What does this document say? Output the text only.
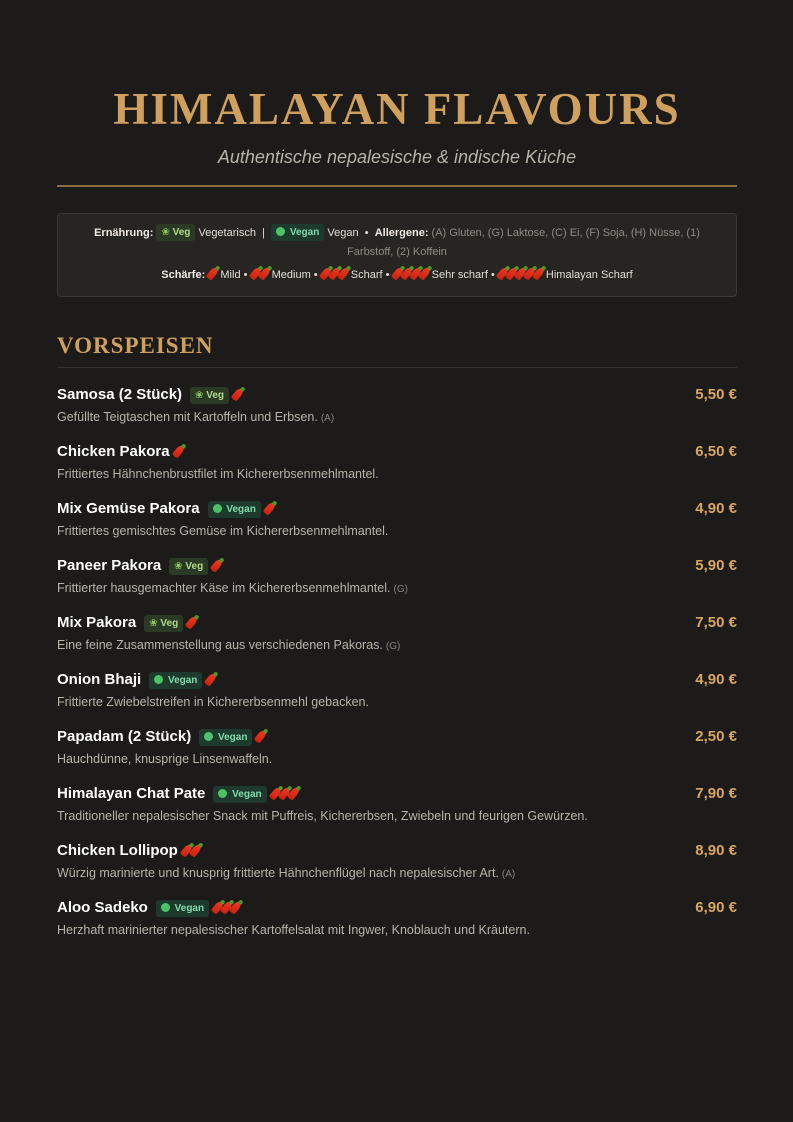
HIMALAYAN FLAVOURS
Authentische nepalesische & indische Küche
Ernährung: ❀ Veg Vegetarisch | Vegan Vegan • Allergene: (A) Gluten, (G) Laktose, (C) Ei, (F) Soja, (H) Nüsse, (1) Farbstoff, (2) Koffein
Schärfe: Mild • Medium •	Scharf •	Sehr scharf •	Himalayan Scharf
VORSPEISEN
Samosa (2 Stück) ❀ Veg	5,50 €
Gefüllte Teigtaschen mit Kartoffeln und Erbsen. (A)
Chicken Pakora	6,50 €
Frittiertes Hähnchenbrustfilet im Kichererbsenmehlmantel.
Mix Gemüse Pakora	Vegan	4,90 €
Frittiertes gemischtes Gemüse im Kichererbsenmehlmantel.
Paneer Pakora ❀ Veg	5,90 €
Frittierter hausgemachter Käse im Kichererbsenmehlmantel. (G)
Mix Pakora ❀ Veg	7,50 €
Eine feine Zusammenstellung aus verschiedenen Pakoras. (G)
Onion Bhaji	Vegan	4,90 €
Frittierte Zwiebelstreifen in Kichererbsenmehl gebacken.
Papadam (2 Stück)	Vegan	2,50 €
Hauchdünne, knusprige Linsenwaffeln.
Himalayan Chat Pate	Vegan	7,90 €
Traditioneller nepalesischer Snack mit Puffreis, Kichererbsen, Zwiebeln und feurigen Gewürzen.
Chicken Lollipop	8,90 €
Würzig marinierte und knusprig frittierte Hähnchenflügel nach nepalesischer Art. (A)
Aloo Sadeko	Vegan	6,90 €
Herzhaft marinierter nepalesischer Kartoffelsalat mit Ingwer, Knoblauch und Kräutern.
